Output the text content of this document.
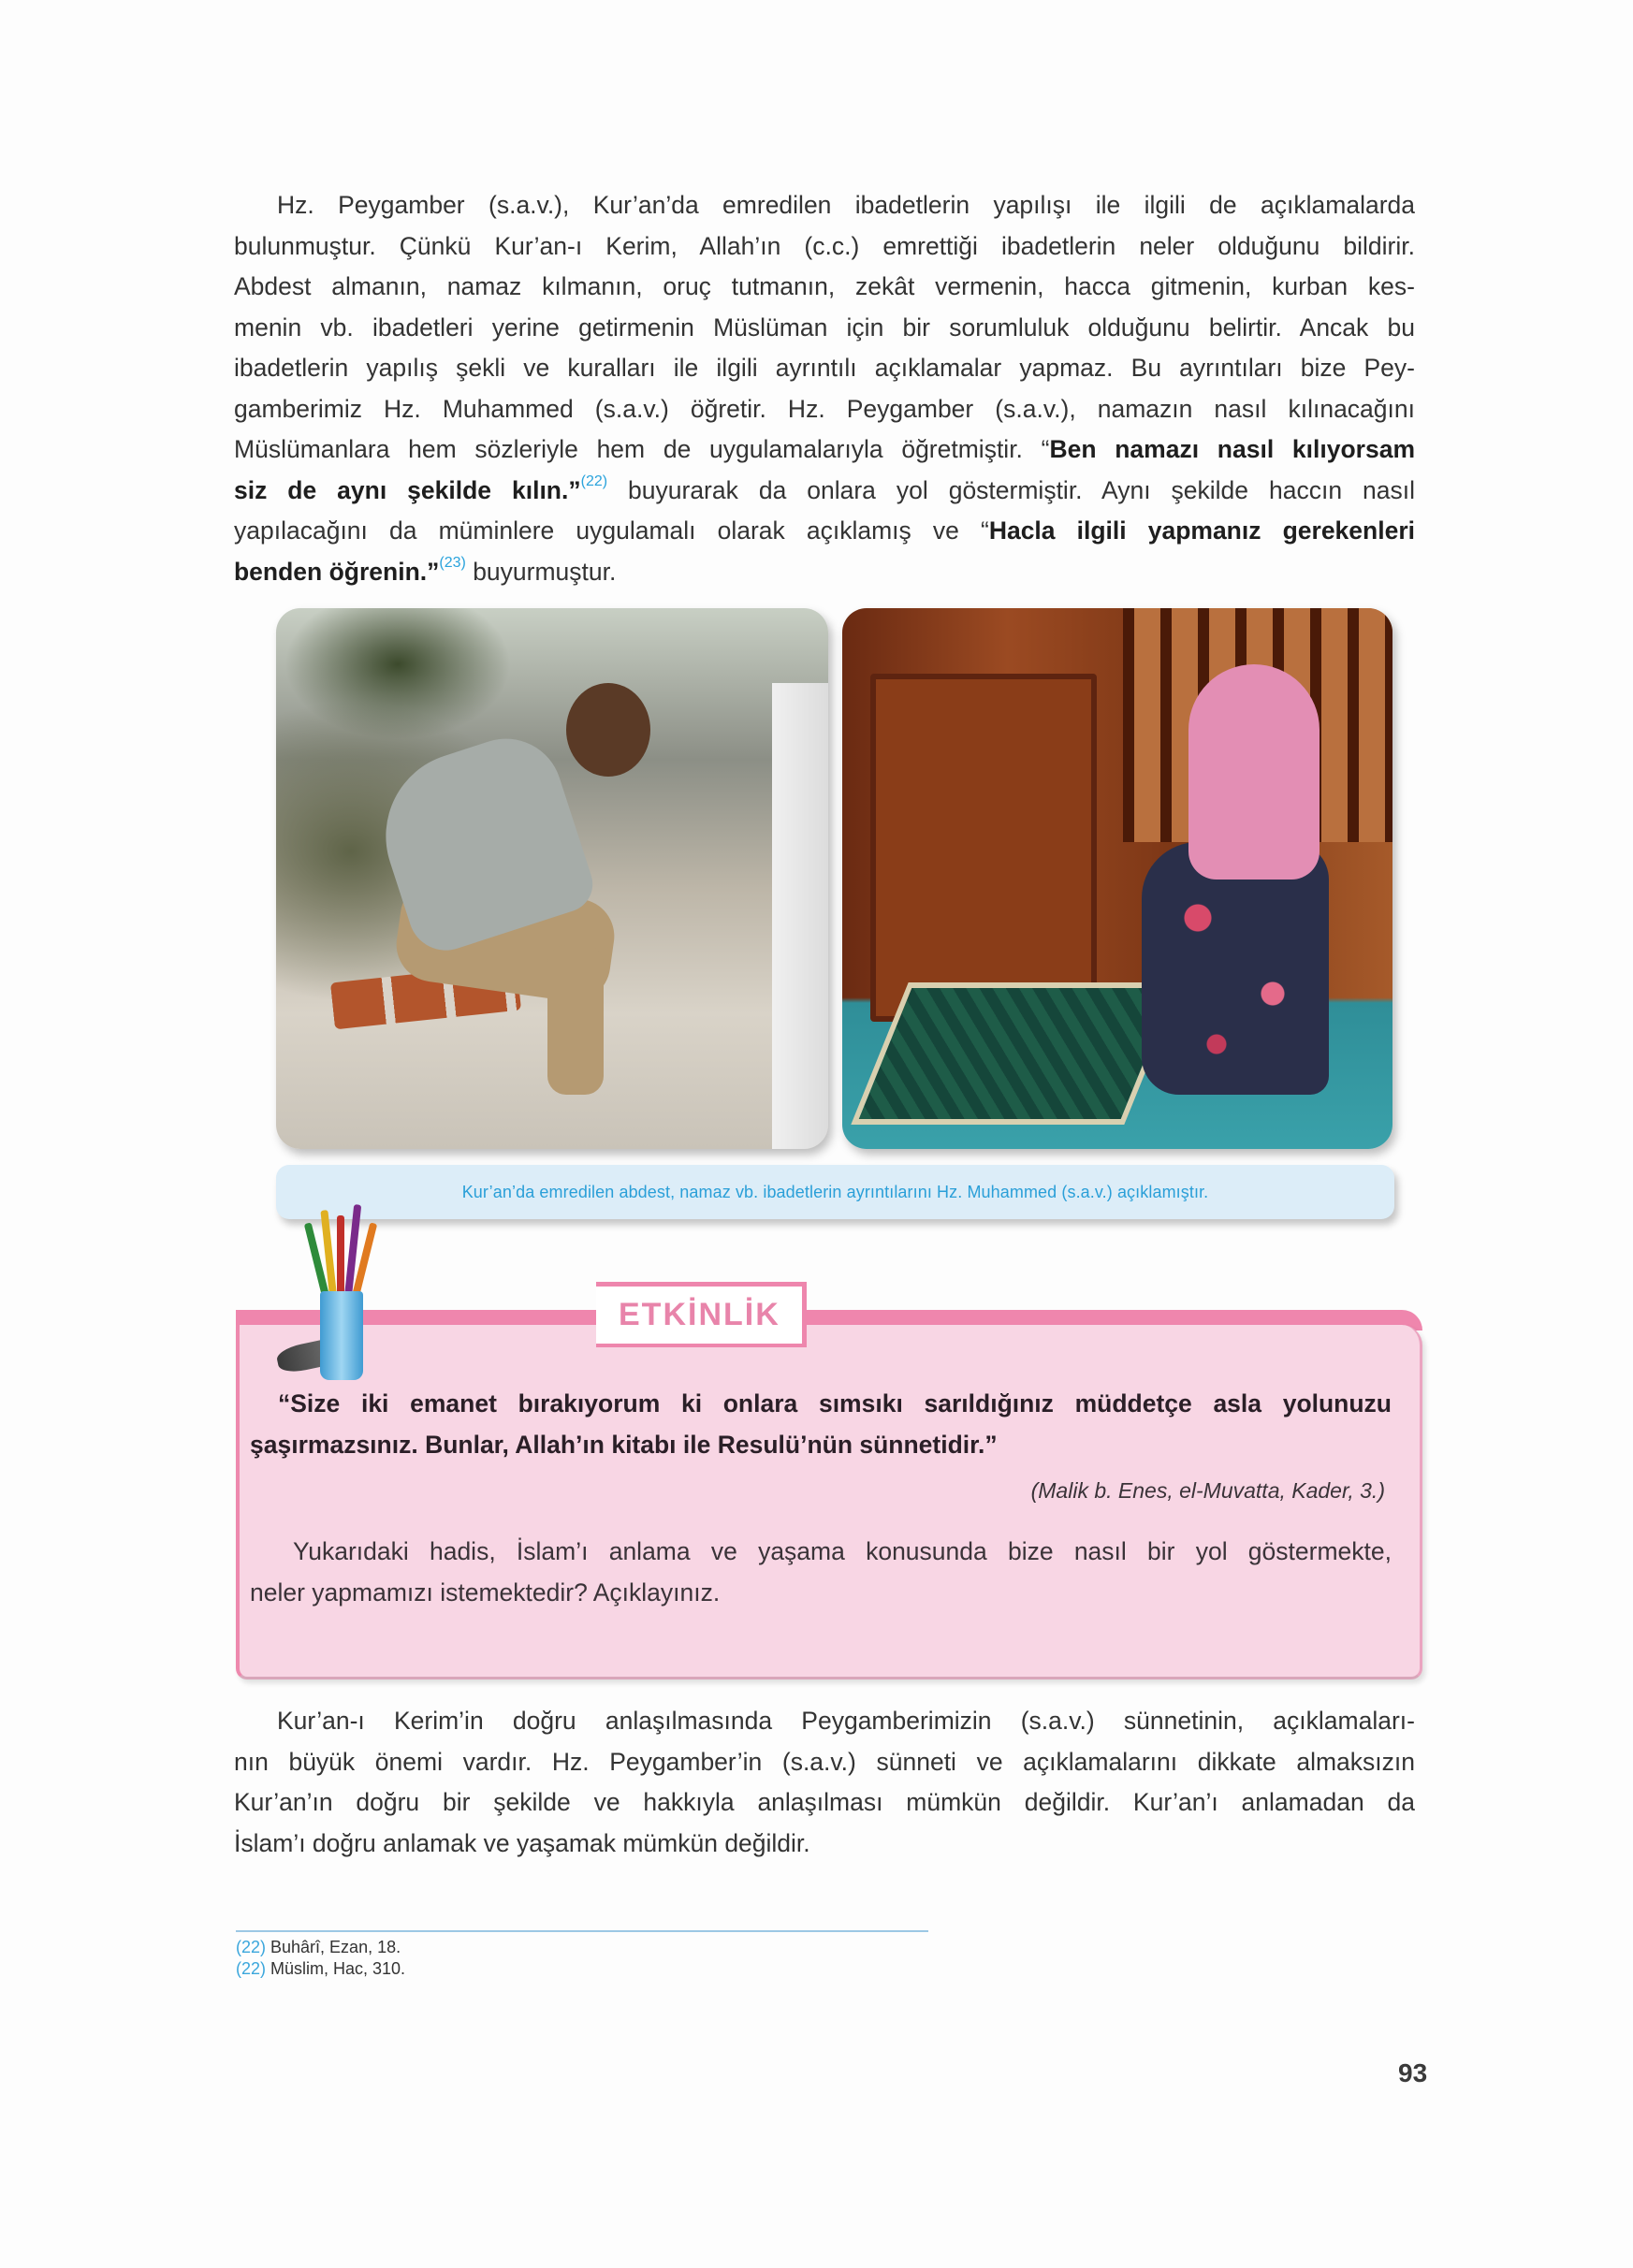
Hz. Peygamber (s.a.v.), Kur’an’da emredilen ibadetlerin yapılışı ile ilgili de açıklamalarda
bulunmuştur. Çünkü Kur’an-ı Kerim, Allah’ın (c.c.) emrettiği ibadetlerin neler olduğunu bildirir.
Abdest almanın, namaz kılmanın, oruç tutmanın, zekât vermenin, hacca gitmenin, kurban kes-
menin vb. ibadetleri yerine getirmenin Müslüman için bir sorumluluk olduğunu belirtir. Ancak bu
ibadetlerin yapılış şekli ve kuralları ile ilgili ayrıntılı açıklamalar yapmaz. Bu ayrıntıları bize Pey-
gamberimiz Hz. Muhammed (s.a.v.) öğretir. Hz. Peygamber (s.a.v.), namazın nasıl kılınacağını
Müslümanlara hem sözleriyle hem de uygulamalarıyla öğretmiştir. “Ben namazı nasıl kılıyorsam
siz de aynı şekilde kılın.”$^{(22)}$ buyurarak da onlara yol göstermiştir. Aynı şekilde haccın nasıl
yapılacağını da müminlere uygulamalı olarak açıklamış ve “Hacla ilgili yapmanız gerekenleri
benden öğrenin.”$^{(23)}$ buyurmuştur.
Kur’an’da emredilen abdest, namaz vb. ibadetlerin ayrıntılarını Hz. Muhammed (s.a.v.) açıklamıştır.
ETKİNLİK
“Size iki emanet bırakıyorum ki onlara sımsıkı sarıldığınız müddetçe asla yolunuzu
şaşırmazsınız. Bunlar, Allah’ın kitabı ile Resulü’nün sünnetidir.”
(Malik b. Enes, el-Muvatta, Kader, 3.)
Yukarıdaki hadis, İslam’ı anlama ve yaşama konusunda bize nasıl bir yol göstermekte,
neler yapmamızı istemektedir? Açıklayınız.
Kur’an-ı Kerim’in doğru anlaşılmasında Peygamberimizin (s.a.v.) sünnetinin, açıklamaları-
nın büyük önemi vardır. Hz. Peygamber’in (s.a.v.) sünneti ve açıklamalarını dikkate almaksızın
Kur’an’ın doğru bir şekilde ve hakkıyla anlaşılması mümkün değildir. Kur’an’ı anlamadan da
İslam’ı doğru anlamak ve yaşamak mümkün değildir.
(22) Buhârî, Ezan, 18.
(22) Müslim, Hac, 310.
93
